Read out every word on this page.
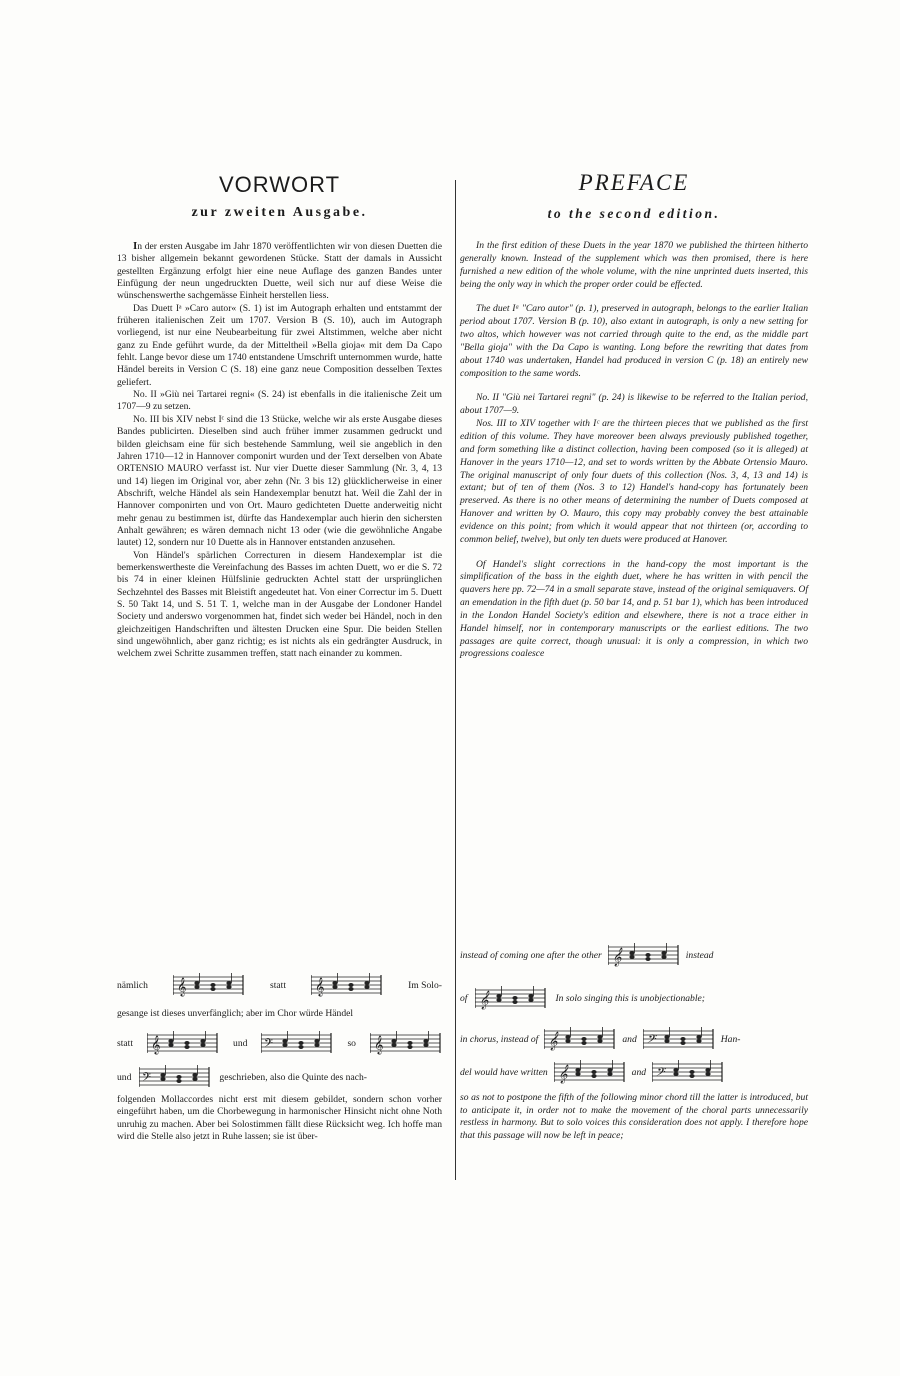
VORWORT
zur zweiten Ausgabe.

In der ersten Ausgabe im Jahr 1870 veröffentlichten wir von diesen Duetten die 13 bisher allgemein bekannt gewordenen Stücke. Statt der damals in Aussicht gestellten Ergänzung erfolgt hier eine neue Auflage des ganzen Bandes unter Einfügung der neun ungedruckten Duette, weil sich nur auf diese Weise die wünschenswerthe sachgemässe Einheit herstellen liess.

Das Duett Iᵃ »Caro autor« (S. 1) ist im Autograph erhalten und entstammt der früheren italienischen Zeit um 1707. Version B (S. 10), auch im Autograph vorliegend, ist nur eine Neubearbeitung für zwei Altstimmen, welche aber nicht ganz zu Ende geführt wurde, da der Mitteltheil »Bella gioja« mit dem Da Capo fehlt. Lange bevor diese um 1740 entstandene Umschrift unternommen wurde, hatte Händel bereits in Version C (S. 18) eine ganz neue Composition desselben Textes geliefert.

No. II »Giù nei Tartarei regni« (S. 24) ist ebenfalls in die italienische Zeit um 1707—9 zu setzen.

No. III bis XIV nebst Iᶜ sind die 13 Stücke, welche wir als erste Ausgabe dieses Bandes publicirten. Dieselben sind auch früher immer zusammen gedruckt und bilden gleichsam eine für sich bestehende Sammlung, weil sie angeblich in den Jahren 1710—12 in Hannover componirt wurden und der Text derselben von Abate ORTENSIO MAURO verfasst ist. Nur vier Duette dieser Sammlung (Nr. 3, 4, 13 und 14) liegen im Original vor, aber zehn (Nr. 3 bis 12) glücklicherweise in einer Abschrift, welche Händel als sein Handexemplar benutzt hat. Weil die Zahl der in Hannover componirten und von Ort. Mauro gedichteten Duette anderweitig nicht mehr genau zu bestimmen ist, dürfte das Handexemplar auch hierin den sichersten Anhalt gewähren; es wären demnach nicht 13 oder (wie die gewöhnliche Angabe lautet) 12, sondern nur 10 Duette als in Hannover entstanden anzusehen.

Von Händel's spärlichen Correcturen in diesem Handexemplar ist die bemerkenswertheste die Vereinfachung des Basses im achten Duett, wo er die S. 72 bis 74 in einer kleinen Hülfslinie gedruckten Achtel statt der ursprünglichen Sechzehntel des Basses mit Bleistift angedeutet hat. Von einer Correctur im 5. Duett S. 50 Takt 14, und S. 51 T. 1, welche man in der Ausgabe der Londoner Handel Society und anderswo vorgenommen hat, findet sich weder bei Händel, noch in den gleichzeitigen Handschriften und ältesten Drucken eine Spur. Die beiden Stellen sind ungewöhnlich, aber ganz richtig; es ist nichts als ein gedrängter Ausdruck, in welchem zwei Schritte zusammen treffen, statt nach einander zu kommen.

PREFACE
to the second edition.

In the first edition of these Duets in the year 1870 we published the thirteen hitherto generally known. Instead of the supplement which was then promised, there is here furnished a new edition of the whole volume, with the nine unprinted duets inserted, this being the only way in which the proper order could be effected.

The duet Iᵃ "Caro autor" (p. 1), preserved in autograph, belongs to the earlier Italian period about 1707. Version B (p. 10), also extant in autograph, is only a new setting for two altos, which however was not carried through quite to the end, as the middle part "Bella gioja" with the Da Capo is wanting. Long before the rewriting that dates from about 1740 was undertaken, Handel had produced in version C (p. 18) an entirely new composition to the same words.

No. II "Giù nei Tartarei regni" (p. 24) is likewise to be referred to the Italian period, about 1707—9.

Nos. III to XIV together with Iᶜ are the thirteen pieces that we published as the first edition of this volume. They have moreover been always previously published together, and form something like a distinct collection, having been composed (so it is alleged) at Hanover in the years 1710—12, and set to words written by the Abbate Ortensio Mauro. The original manuscript of only four duets of this collection (Nos. 3, 4, 13 and 14) is extant; but of ten of them (Nos. 3 to 12) Handel's hand-copy has fortunately been preserved. As there is no other means of determining the number of Duets composed at Hanover and written by O. Mauro, this copy may probably convey the best attainable evidence on this point; from which it would appear that not thirteen (or, according to common belief, twelve), but only ten duets were produced at Hanover.

Of Handel's slight corrections in the hand-copy the most important is the simplification of the bass in the eighth duet, where he has written in with pencil the quavers here pp. 72—74 in a small separate stave, instead of the original semiquavers. Of an emendation in the fifth duet (p. 50 bar 14, and p. 51 bar 1), which has been introduced in the London Handel Society's edition and elsewhere, there is not a trace either in Handel himself, nor in contemporary manuscripts or the earliest editions. The two passages are quite correct, though unusual: it is only a compression, in which two progressions coalesce

nämlich 𝄞	statt 𝄞	Im Solo-
gesange ist dieses unverfänglich; aber im Chor würde Händel
statt 𝄞	und 𝄢	so 𝄞
und 𝄢	geschrieben, also die Quinte des nach-
folgenden Mollaccordes nicht erst mit diesem gebildet, sondern schon vorher eingeführt haben, um die Chorbewegung in harmonischer Hinsicht nicht ohne Noth unruhig zu machen. Aber bei Solostimmen fällt diese Rücksicht weg. Ich hoffe man wird die Stelle also jetzt in Ruhe lassen; sie ist über-
instead of coming one after the other 𝄞	instead
of 𝄞	In solo singing this is unobjectionable;
in chorus, instead of 𝄞	and 𝄢	Han-
del would have written 𝄞	and 𝄢
so as not to postpone the fifth of the following minor chord till the latter is introduced, but to anticipate it, in order not to make the movement of the choral parts unnecessarily restless in harmony. But to solo voices this consideration does not apply. I therefore hope that this passage will now be left in peace;
